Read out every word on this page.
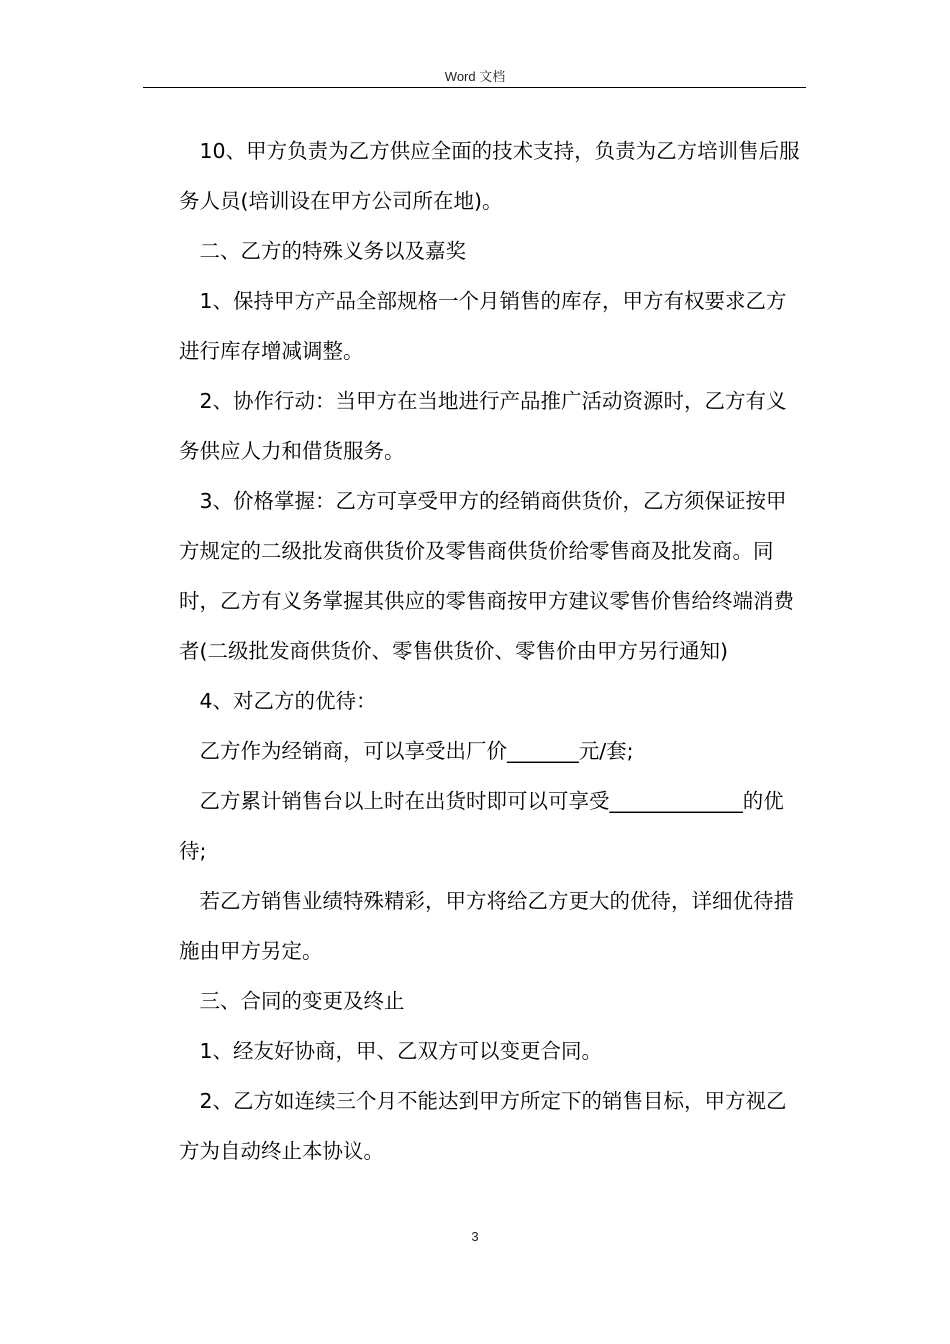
Word 文档

　10、甲方负责为乙方供应全面的技术支持，负责为乙方培训售后服务人员(培训设在甲方公司所在地)。

　二、乙方的特殊义务以及嘉奖

　1、保持甲方产品全部规格一个月销售的库存，甲方有权要求乙方进行库存增减调整。

　2、协作行动：当甲方在当地进行产品推广活动资源时，乙方有义务供应人力和借货服务。

　3、价格掌握：乙方可享受甲方的经销商供货价，乙方须保证按甲方规定的二级批发商供货价及零售商供货价给零售商及批发商。同时，乙方有义务掌握其供应的零售商按甲方建议零售价售给终端消费者(二级批发商供货价、零售供货价、零售价由甲方另行通知)

　4、对乙方的优待：

　乙方作为经销商，可以享受出厂价_______元/套;

　乙方累计销售台以上时在出货时即可以可享受_____________的优待;

　若乙方销售业绩特殊精彩，甲方将给乙方更大的优待，详细优待措施由甲方另定。

　三、合同的变更及终止

　1、经友好协商，甲、乙双方可以变更合同。

　2、乙方如连续三个月不能达到甲方所定下的销售目标，甲方视乙方为自动终止本协议。

3
